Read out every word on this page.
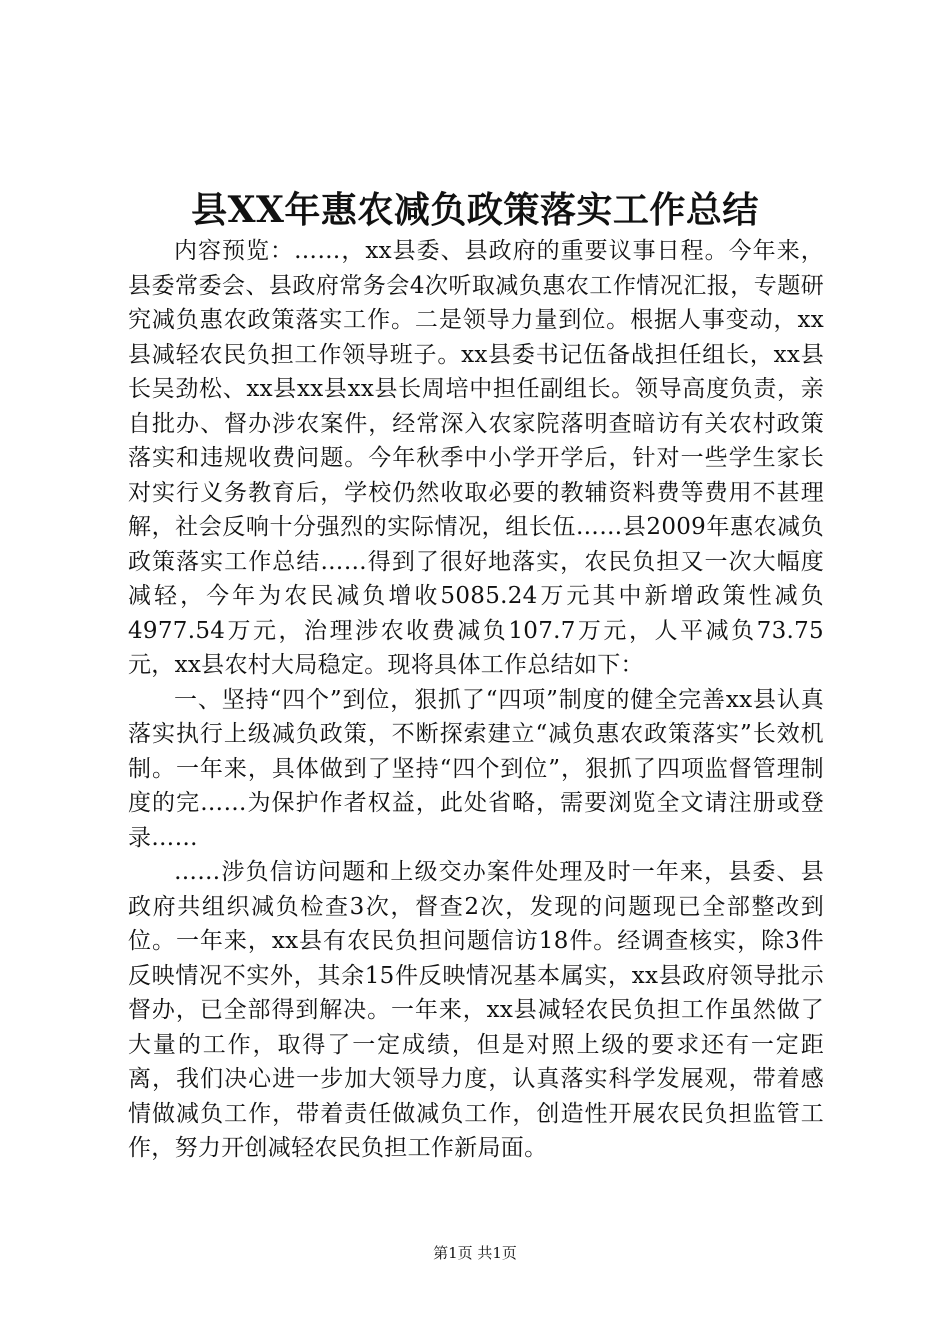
县XX年惠农减负政策落实工作总结

内容预览：……，xx县委、县政府的重要议事日程。今年来，县委常委会、县政府常务会4次听取减负惠农工作情况汇报，专题研究减负惠农政策落实工作。二是领导力量到位。根据人事变动，xx县减轻农民负担工作领导班子。xx县委书记伍备战担任组长，xx县长吴劲松、xx县xx县xx县长周培中担任副组长。领导高度负责，亲自批办、督办涉农案件，经常深入农家院落明查暗访有关农村政策落实和违规收费问题。今年秋季中小学开学后，针对一些学生家长对实行义务教育后，学校仍然收取必要的教辅资料费等费用不甚理解，社会反响十分强烈的实际情况，组长伍……县2009年惠农减负政策落实工作总结……得到了很好地落实，农民负担又一次大幅度减轻，今年为农民减负增收5085.24万元其中新增政策性减负4977.54万元，治理涉农收费减负107.7万元，人平减负73.75元，xx县农村大局稳定。现将具体工作总结如下：

一、坚持“四个”到位，狠抓了“四项”制度的健全完善xx县认真落实执行上级减负政策，不断探索建立“减负惠农政策落实”长效机制。一年来，具体做到了坚持“四个到位”，狠抓了四项监督管理制度的完……为保护作者权益，此处省略，需要浏览全文请注册或登录……

……涉负信访问题和上级交办案件处理及时一年来，县委、县政府共组织减负检查3次，督查2次，发现的问题现已全部整改到位。一年来，xx县有农民负担问题信访18件。经调查核实，除3件反映情况不实外，其余15件反映情况基本属实，xx县政府领导批示督办，已全部得到解决。一年来，xx县减轻农民负担工作虽然做了大量的工作，取得了一定成绩，但是对照上级的要求还有一定距离，我们决心进一步加大领导力度，认真落实科学发展观，带着感情做减负工作，带着责任做减负工作，创造性开展农民负担监管工作，努力开创减轻农民负担工作新局面。

第1页 共1页
